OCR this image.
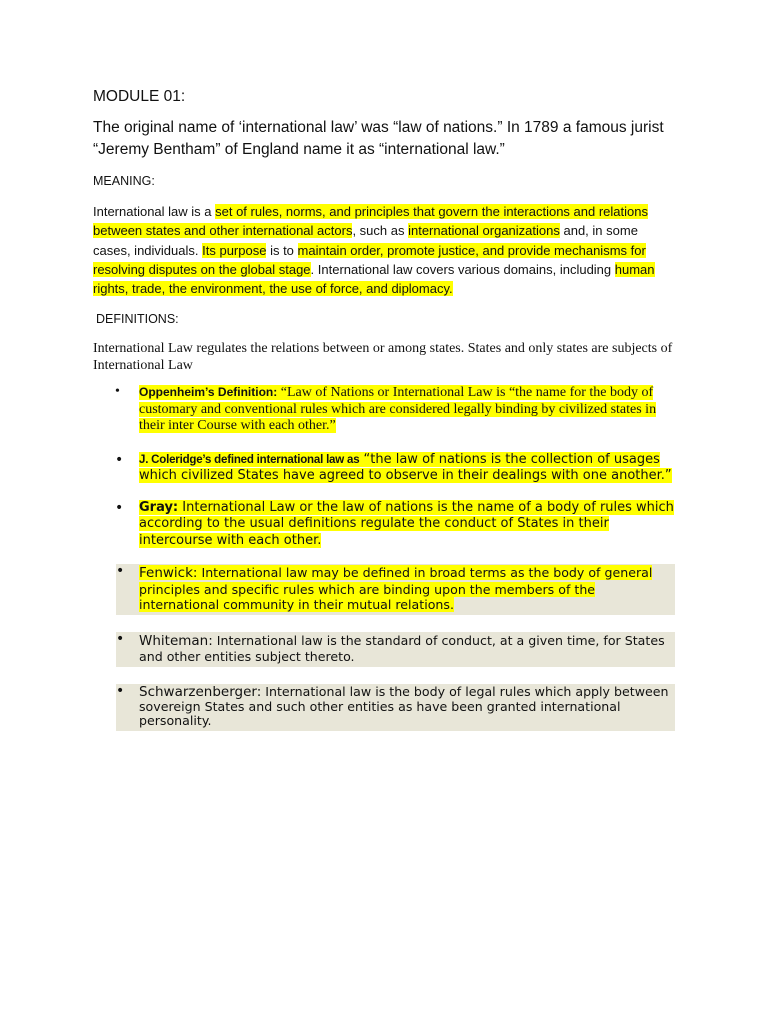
MODULE 01:

The original name of ‘international law’ was “law of nations.” In 1789 a famous jurist “Jeremy Bentham” of England name it as “international law.”

MEANING:

International law is a set of rules, norms, and principles that govern the interactions and relations between states and other international actors, such as international organizations and, in some cases, individuals. Its purpose is to maintain order, promote justice, and provide mechanisms for resolving disputes on the global stage. International law covers various domains, including human rights, trade, the environment, the use of force, and diplomacy.

DEFINITIONS:

International Law regulates the relations between or among states. States and only states are subjects of International Law

• Oppenheim’s Definition: “Law of Nations or International Law is “the name for the body of customary and conventional rules which are considered legally binding by civilized states in their inter Course with each other.”
• J. Coleridge’s defined international law as “the law of nations is the collection of usages which civilized States have agreed to observe in their dealings with one another.”
• Gray: International Law or the law of nations is the name of a body of rules which according to the usual definitions regulate the conduct of States in their intercourse with each other.
• Fenwick: International law may be defined in broad terms as the body of general principles and specific rules which are binding upon the members of the international community in their mutual relations.
• Whiteman: International law is the standard of conduct, at a given time, for States and other entities subject thereto.
• Schwarzenberger: International law is the body of legal rules which apply between sovereign States and such other entities as have been granted international personality.
